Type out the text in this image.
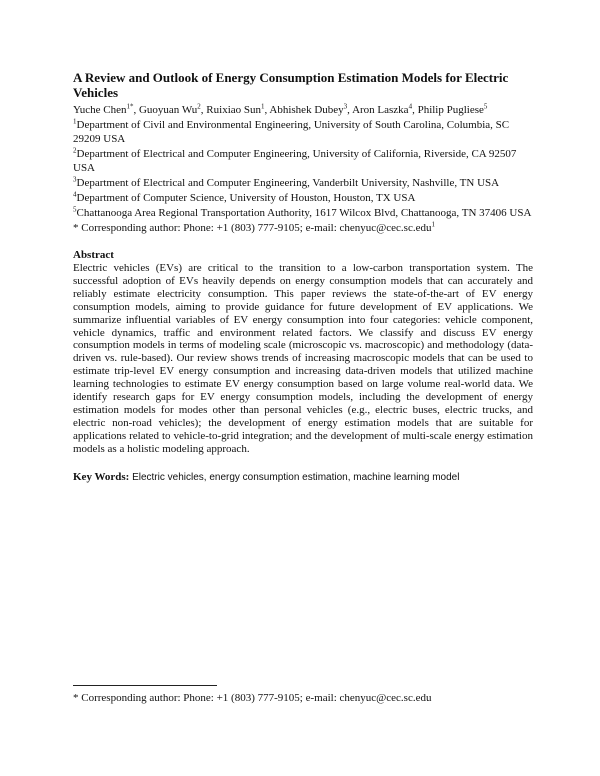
A Review and Outlook of Energy Consumption Estimation Models for Electric Vehicles
Yuche Chen$^{1*}$, Guoyuan Wu$^2$, Ruixiao Sun$^1$, Abhishek Dubey$^3$, Aron Laszka$^4$, Philip Pugliese$^5$
$^1$Department of Civil and Environmental Engineering, University of South Carolina, Columbia, SC 29209 USA
$^2$Department of Electrical and Computer Engineering, University of California, Riverside, CA 92507 USA
$^3$Department of Electrical and Computer Engineering, Vanderbilt University, Nashville, TN USA
$^4$Department of Computer Science, University of Houston, Houston, TX USA
$^5$Chattanooga Area Regional Transportation Authority, 1617 Wilcox Blvd, Chattanooga, TN 37406 USA
* Corresponding author: Phone: +1 (803) 777-9105; e-mail: chenyuc@cec.sc.edu$^1$
Abstract
Electric vehicles (EVs) are critical to the transition to a low-carbon transportation system. The successful adoption of EVs heavily depends on energy consumption models that can accurately and reliably estimate electricity consumption. This paper reviews the state-of-the-art of EV energy consumption models, aiming to provide guidance for future development of EV applications. We summarize influential variables of EV energy consumption into four categories: vehicle component, vehicle dynamics, traffic and environment related factors. We classify and discuss EV energy consumption models in terms of modeling scale (microscopic vs. macroscopic) and methodology (data-driven vs. rule-based). Our review shows trends of increasing macroscopic models that can be used to estimate trip-level EV energy consumption and increasing data-driven models that utilized machine learning technologies to estimate EV energy consumption based on large volume real-world data. We identify research gaps for EV energy consumption models, including the development of energy estimation models for modes other than personal vehicles (e.g., electric buses, electric trucks, and electric non-road vehicles); the development of energy estimation models that are suitable for applications related to vehicle-to-grid integration; and the development of multi-scale energy estimation models as a holistic modeling approach.
Key Words: Electric vehicles, energy consumption estimation, machine learning model
* Corresponding author: Phone: +1 (803) 777-9105; e-mail: chenyuc@cec.sc.edu
